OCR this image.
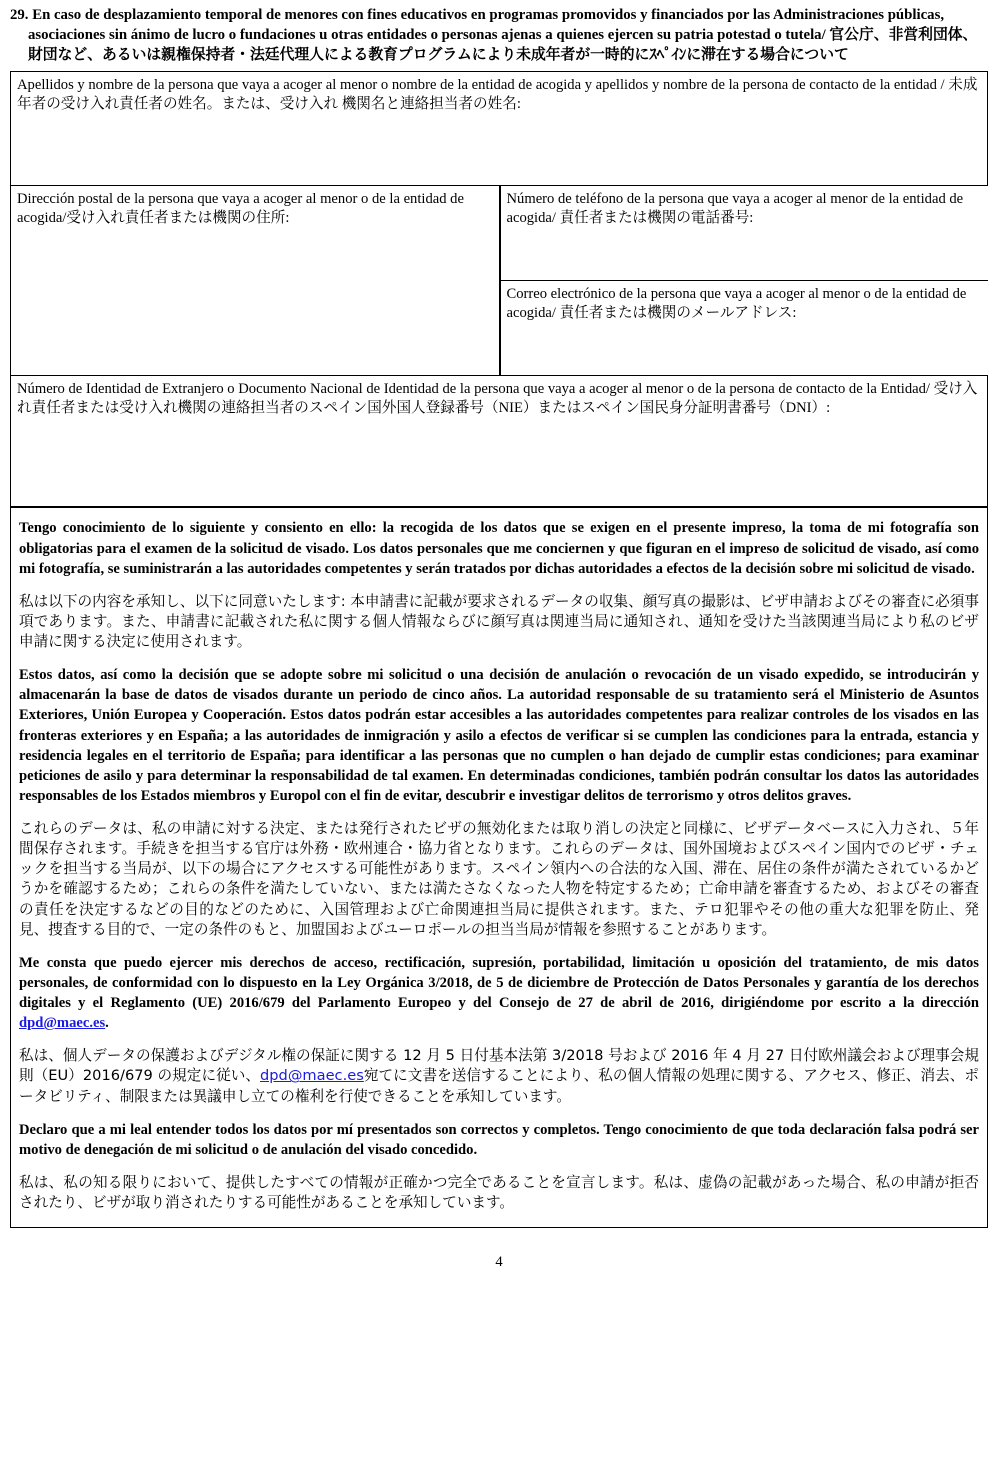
29. En caso de desplazamiento temporal de menores con fines educativos en programas promovidos y financiados por las Administraciones públicas, asociaciones sin ánimo de lucro o fundaciones u otras entidades o personas ajenas a quienes ejercen su patria potestad o tutela/ 官公庁、非営利団体、財団など、あるいは親権保持者・法廷代理人による教育プログラムにより未成年者が一時的にｽﾍﾟｲﾝに滞在する場合について
Apellidos y nombre de la persona que vaya a acoger al menor o nombre de la entidad de acogida y apellidos y nombre de la persona de contacto de la entidad / 未成年者の受け入れ責任者の姓名。または、受け入れ 機関名と連絡担当者の姓名:

Dirección postal de la persona que vaya a acoger al menor o de la entidad de acogida/受け入れ責任者または機関の住所:

Número de teléfono de la persona que vaya a acoger al menor de la entidad de acogida/ 責任者または機関の電話番号:

Correo electrónico de la persona que vaya a acoger al menor o de la entidad de acogida/ 責任者または機関のメールアドレス:

Número de Identidad de Extranjero o Documento Nacional de Identidad de la persona que vaya a acoger al menor o de la persona de contacto de la Entidad/ 受け入れ責任者または受け入れ機関の連絡担当者のスペイン国外国人登録番号（NIE）またはスペイン国民身分証明書番号（DNI）:

Tengo conocimiento de lo siguiente y consiento en ello: la recogida de los datos que se exigen en el presente impreso, la toma de mi fotografía son obligatorias para el examen de la solicitud de visado. Los datos personales que me conciernen y que figuran en el impreso de solicitud de visado, así como mi fotografía, se suministrarán a las autoridades competentes y serán tratados por dichas autoridades a efectos de la decisión sobre mi solicitud de visado.

私は以下の内容を承知し、以下に同意いたします: 本申請書に記載が要求されるデータの収集、顔写真の撮影は、ビザ申請およびその審査に必須事項であります。また、申請書に記載された私に関する個人情報ならびに顔写真は関連当局に通知され、通知を受けた当該関連当局により私のビザ申請に関する決定に使用されます。

Estos datos, así como la decisión que se adopte sobre mi solicitud o una decisión de anulación o revocación de un visado expedido, se introducirán y almacenarán la base de datos de visados durante un periodo de cinco años. La autoridad responsable de su tratamiento será el Ministerio de Asuntos Exteriores, Unión Europea y Cooperación. Estos datos podrán estar accesibles a las autoridades competentes para realizar controles de los visados en las fronteras exteriores y en España; a las autoridades de inmigración y asilo a efectos de verificar si se cumplen las condiciones para la entrada, estancia y residencia legales en el territorio de España; para identificar a las personas que no cumplen o han dejado de cumplir estas condiciones; para examinar peticiones de asilo y para determinar la responsabilidad de tal examen. En determinadas condiciones, también podrán consultar los datos las autoridades responsables de los Estados miembros y Europol con el fin de evitar, descubrir e investigar delitos de terrorismo y otros delitos graves.

これらのデータは、私の申請に対する決定、または発行されたビザの無効化または取り消しの決定と同様に、ビザデータベースに入力され、５年間保存されます。手続きを担当する官庁は外務・欧州連合・協力省となります。これらのデータは、国外国境およびスペイン国内でのビザ・チェックを担当する当局が、以下の場合にアクセスする可能性があります。スペイン領内への合法的な入国、滞在、居住の条件が満たされているかどうかを確認するため；これらの条件を満たしていない、または満たさなくなった人物を特定するため；亡命申請を審査するため、およびその審査の責任を決定するなどの目的などのために、入国管理および亡命関連担当局に提供されます。また、テロ犯罪やその他の重大な犯罪を防止、発見、捜査する目的で、一定の条件のもと、加盟国およびユーロポールの担当当局が情報を参照することがあります。

Me consta que puedo ejercer mis derechos de acceso, rectificación, supresión, portabilidad, limitación u oposición del tratamiento, de mis datos personales, de conformidad con lo dispuesto en la Ley Orgánica 3/2018, de 5 de diciembre de Protección de Datos Personales y garantía de los derechos digitales y el Reglamento (UE) 2016/679 del Parlamento Europeo y del Consejo de 27 de abril de 2016, dirigiéndome por escrito a la dirección dpd@maec.es.

私は、個人データの保護およびデジタル権の保証に関する 12 月 5 日付基本法第 3/2018 号および 2016 年 4 月 27 日付欧州議会および理事会規則（EU）2016/679 の規定に従い、dpd@maec.es宛てに文書を送信することにより、私の個人情報の処理に関する、アクセス、修正、消去、ポータビリティ、制限または異議申し立ての権利を行使できることを承知しています。

Declaro que a mi leal entender todos los datos por mí presentados son correctos y completos. Tengo conocimiento de que toda declaración falsa podrá ser motivo de denegación de mi solicitud o de anulación del visado concedido.

私は、私の知る限りにおいて、提供したすべての情報が正確かつ完全であることを宣言します。私は、虚偽の記載があった場合、私の申請が拒否されたり、ビザが取り消されたりする可能性があることを承知しています。

4
